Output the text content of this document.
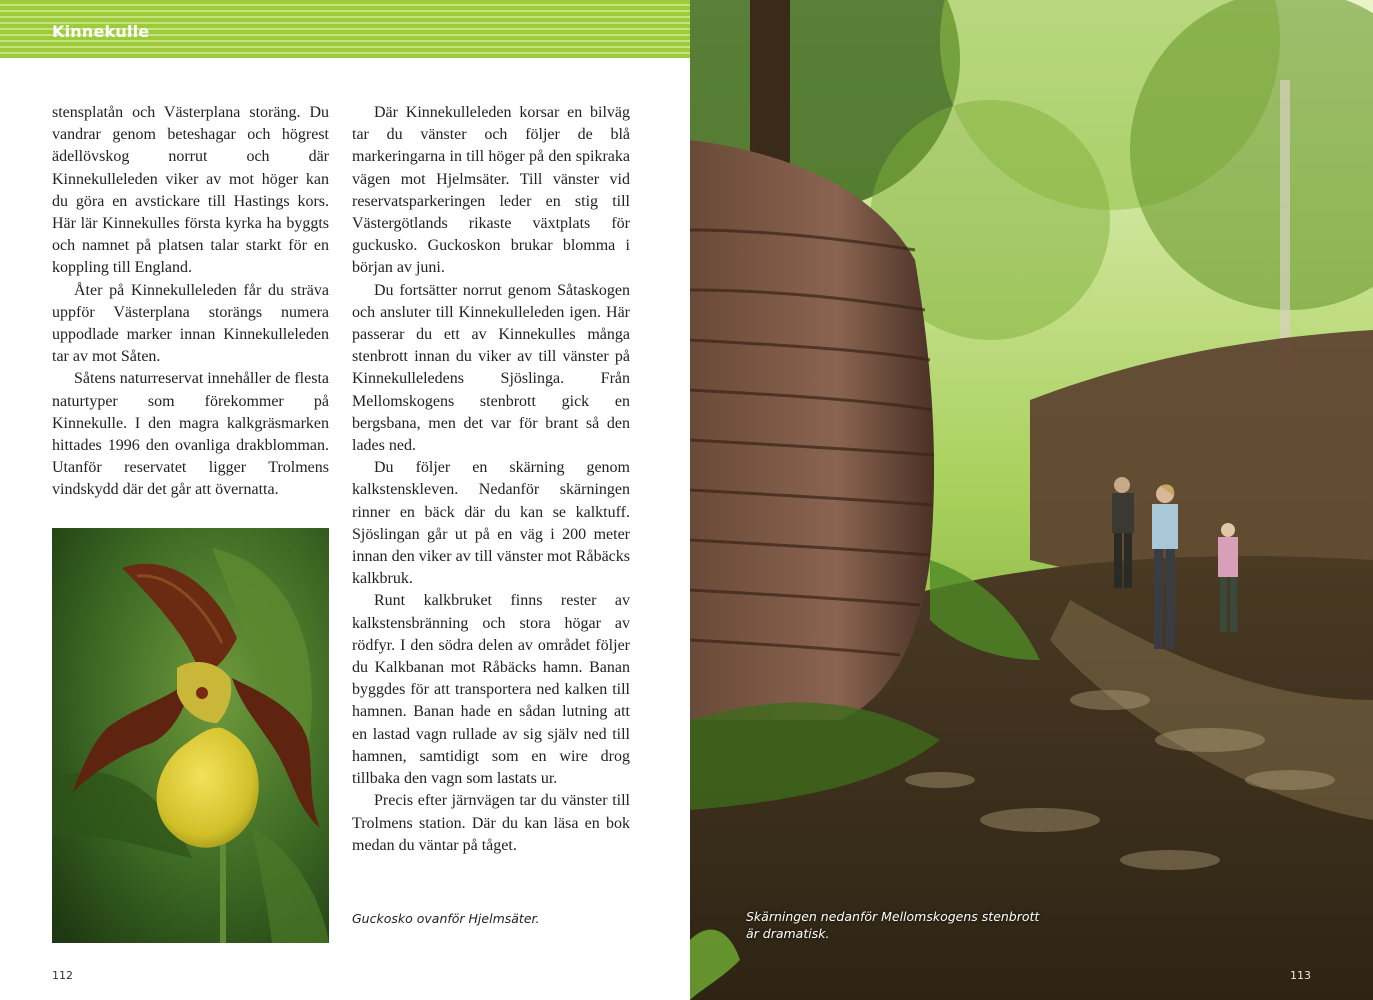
Kinnekulle

stensplatån och Västerplana storäng. Du vandrar genom beteshagar och högrest ädellövskog norrut och där Kinnekulleleden viker av mot höger kan du göra en avstickare till Hastings kors. Här lär Kinnekulles första kyrka ha byggts och namnet på platsen talar starkt för en koppling till England.

Åter på Kinnekulleleden får du sträva uppför Västerplana storängs numera uppodlade marker innan Kinnekulleleden tar av mot Såten.

Såtens naturreservat innehåller de flesta naturtyper som förekommer på Kinnekulle. I den magra kalkgräsmarken hittades 1996 den ovanliga drakblomman. Utanför reservatet ligger Trolmens vindskydd där det går att övernatta.

Där Kinnekulleleden korsar en bilväg tar du vänster och följer de blå markeringarna in till höger på den spikraka vägen mot Hjelmsäter. Till vänster vid reservatsparkeringen leder en stig till Västergötlands rikaste växtplats för guckusko. Guckoskon brukar blomma i början av juni.

Du fortsätter norrut genom Såtaskogen och ansluter till Kinnekulleleden igen. Här passerar du ett av Kinnekulles många stenbrott innan du viker av till vänster på Kinnekulleledens Sjöslinga. Från Mellomskogens stenbrott gick en bergsbana, men det var för brant så den lades ned.

Du följer en skärning genom kalkstenskleven. Nedanför skärningen rinner en bäck där du kan se kalktuff. Sjöslingan går ut på en väg i 200 meter innan den viker av till vänster mot Råbäcks kalkbruk.

Runt kalkbruket finns rester av kalkstensbränning och stora högar av rödfyr. I den södra delen av området följer du Kalkbanan mot Råbäcks hamn. Banan byggdes för att transportera ned kalken till hamnen. Banan hade en sådan lutning att en lastad vagn rullade av sig själv ned till hamnen, samtidigt som en wire drog tillbaka den vagn som lastats ur.

Precis efter järnvägen tar du vänster till Trolmens station. Där du kan läsa en bok medan du väntar på tåget.

Guckosko ovanför Hjelmsäter.
112
Skärningen nedanför Mellomskogens stenbrott är dramatisk.
113
